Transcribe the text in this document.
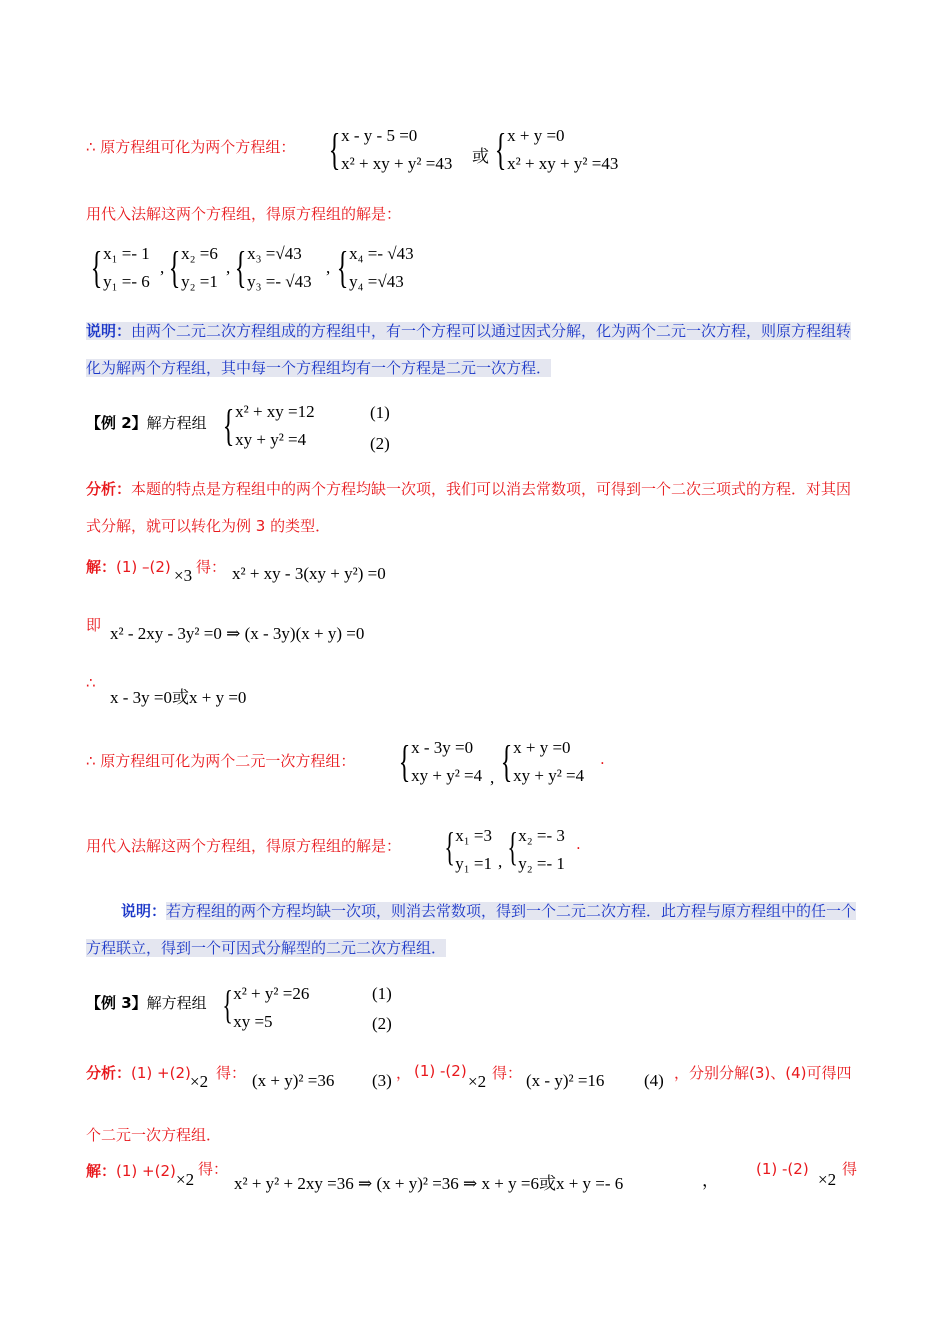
∴ 原方程组可化为两个方程组： { x - y - 5 =0
x² + xy + y² =43 或 { x + y =0
x² + xy + y² =43
用代入法解这两个方程组，得原方程组的解是：
{ x₁ =- 1
y₁ =- 6
, { x₂ =6
y₂ =1
, { x₃ =√43
y₃ =- √43
, { x₄ =- √43
y₄ =√43
说明：由两个二元二次方程组成的方程组中，有一个方程可以通过因式分解，化为两个二元一次方程，则原方程组转化为解两个方程组，其中每一个方程组均有一个方程是二元一次方程．
【例 2】解方程组 { x² + xy =12
xy + y² =4
(1)
(2)
分析：本题的特点是方程组中的两个方程均缺一次项，我们可以消去常数项，可得到一个二次三项式的方程．对其因式分解，就可以转化为例 3 的类型．
解：(1) –(2) ×3 得： x² + xy - 3(xy + y²) =0
即 x² - 2xy - 3y² =0 ⇒ (x - 3y)(x + y) =0
∴
x - 3y =0或x + y =0
∴ 原方程组可化为两个二元一次方程组： { x - 3y =0
xy + y² =4 , { x + y =0
xy + y² =4
.
用代入法解这两个方程组，得原方程组的解是： { x₁ =3
y₁ =1 , { x₂ =- 3
y₂ =- 1
.
说明：若方程组的两个方程均缺一次项，则消去常数项，得到一个二元二次方程．此方程与原方程组中的任一个方程联立，得到一个可因式分解型的二元二次方程组．
【例 3】解方程组 { x² + y² =26
xy =5
(1)
(2)
分析：(1) +(2) ×2 得： (x + y)² =36 (3) ， (1) -(2)
×2 得： (x - y)² =16 (4) ，分别分解(3)、(4)可得四
个二元一次方程组．
解：(1) +(2) ×2
得：
x² + y² + 2xy =36 ⇒ (x + y)² =36 ⇒ x + y =6或x + y =- 6	，
(1) -(2)
×2
得
